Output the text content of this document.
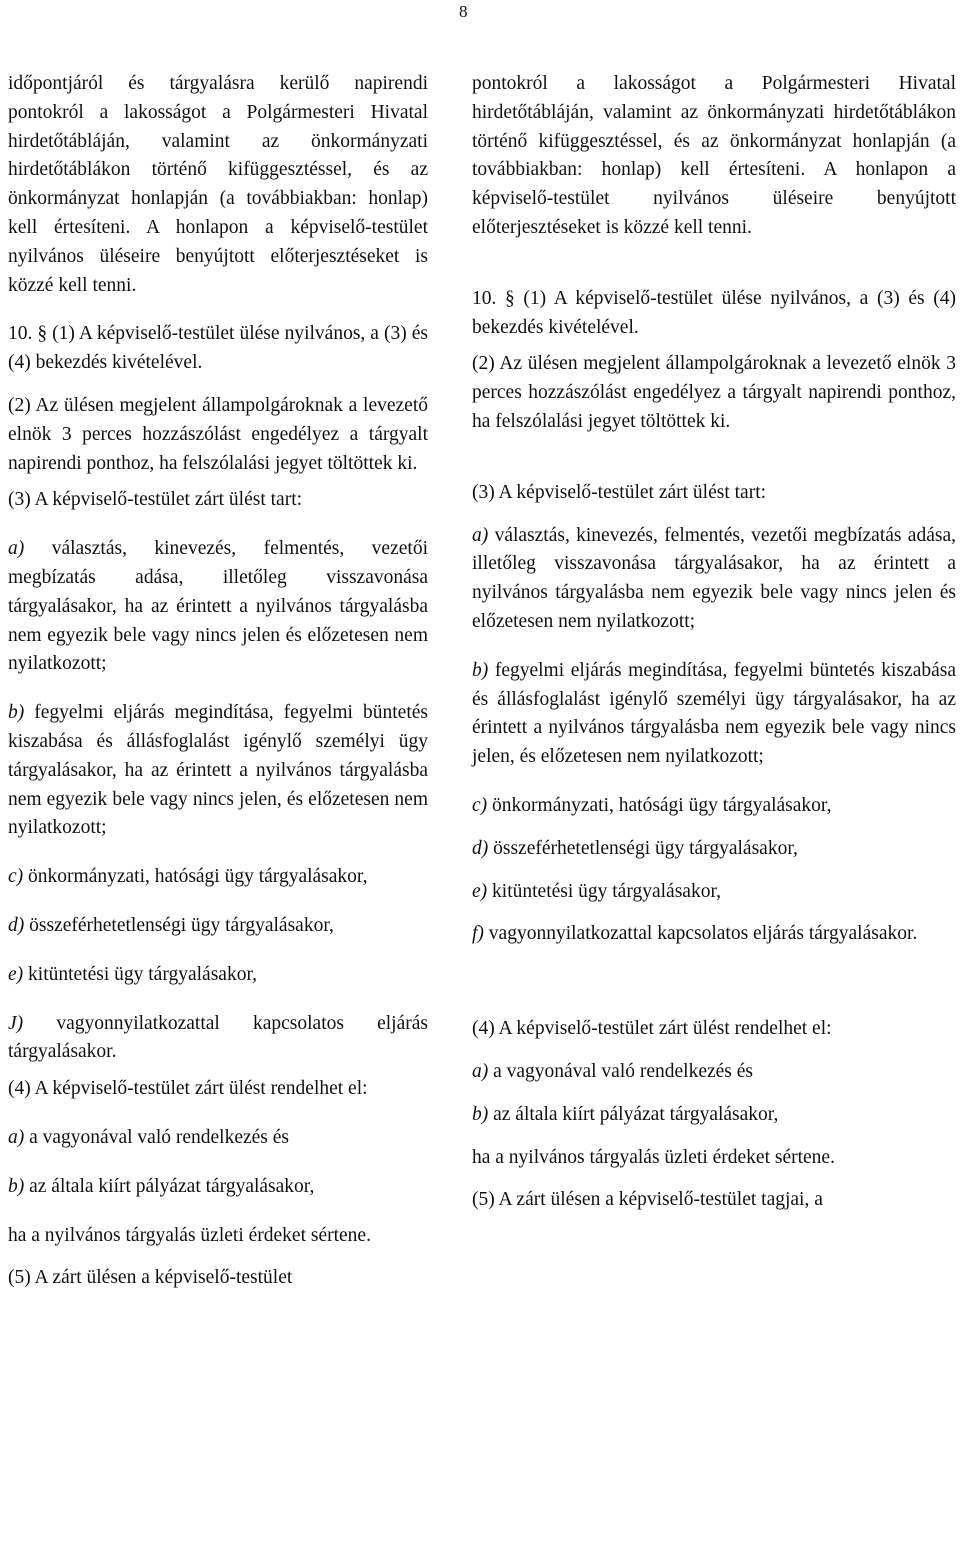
8

időpontjáról és tárgyalásra kerülő napirendi pontokról a lakosságot a Polgármesteri Hivatal hirdetőtábláján, valamint az önkormányzati hirdetőtáblákon történő kifüggesztéssel, és az önkormányzat honlapján (a továbbiakban: honlap) kell értesíteni. A honlapon a képviselő-testület nyilvános üléseire benyújtott előterjesztéseket is közzé kell tenni.

10. § (1) A képviselő-testület ülése nyilvános, a (3) és (4) bekezdés kivételével.

(2) Az ülésen megjelent állampolgároknak a levezető elnök 3 perces hozzászólást engedélyez a tárgyalt napirendi ponthoz, ha felszólalási jegyet töltöttek ki.

(3) A képviselő-testület zárt ülést tart:

a) választás, kinevezés, felmentés, vezetői megbízatás adása, illetőleg visszavonása tárgyalásakor, ha az érintett a nyilvános tárgyalásba nem egyezik bele vagy nincs jelen és előzetesen nem nyilatkozott;

b) fegyelmi eljárás megindítása, fegyelmi büntetés kiszabása és állásfoglalást igénylő személyi ügy tárgyalásakor, ha az érintett a nyilvános tárgyalásba nem egyezik bele vagy nincs jelen, és előzetesen nem nyilatkozott;

c) önkormányzati, hatósági ügy tárgyalásakor,

d) összeférhetetlenségi ügy tárgyalásakor,

e) kitüntetési ügy tárgyalásakor,

J) vagyonnyilatkozattal kapcsolatos eljárás tárgyalásakor.

(4) A képviselő-testület zárt ülést rendelhet el:

a) a vagyonával való rendelkezés és

b) az általa kiírt pályázat tárgyalásakor,

ha a nyilvános tárgyalás üzleti érdeket sértene.

(5) A zárt ülésen a képviselő-testület

pontokról a lakosságot a Polgármesteri Hivatal hirdetőtábláján, valamint az önkormányzati hirdetőtáblákon történő kifüggesztéssel, és az önkormányzat honlapján (a továbbiakban: honlap) kell értesíteni. A honlapon a képviselő-testület nyilvános üléseire benyújtott előterjesztéseket is közzé kell tenni.

10. § (1) A képviselő-testület ülése nyilvános, a (3) és (4) bekezdés kivételével.

(2) Az ülésen megjelent állampolgároknak a levezető elnök 3 perces hozzászólást engedélyez a tárgyalt napirendi ponthoz, ha felszólalási jegyet töltöttek ki.

(3) A képviselő-testület zárt ülést tart:

a) választás, kinevezés, felmentés, vezetői megbízatás adása, illetőleg visszavonása tárgyalásakor, ha az érintett a nyilvános tárgyalásba nem egyezik bele vagy nincs jelen és előzetesen nem nyilatkozott;

b) fegyelmi eljárás megindítása, fegyelmi büntetés kiszabása és állásfoglalást igénylő személyi ügy tárgyalásakor, ha az érintett a nyilvános tárgyalásba nem egyezik bele vagy nincs jelen, és előzetesen nem nyilatkozott;

c) önkormányzati, hatósági ügy tárgyalásakor,

d) összeférhetetlenségi ügy tárgyalásakor,

e) kitüntetési ügy tárgyalásakor,

f) vagyonnyilatkozattal kapcsolatos eljárás tárgyalásakor.

(4) A képviselő-testület zárt ülést rendelhet el:

a) a vagyonával való rendelkezés és

b) az általa kiírt pályázat tárgyalásakor,

ha a nyilvános tárgyalás üzleti érdeket sértene.

(5) A zárt ülésen a képviselő-testület tagjai, a
